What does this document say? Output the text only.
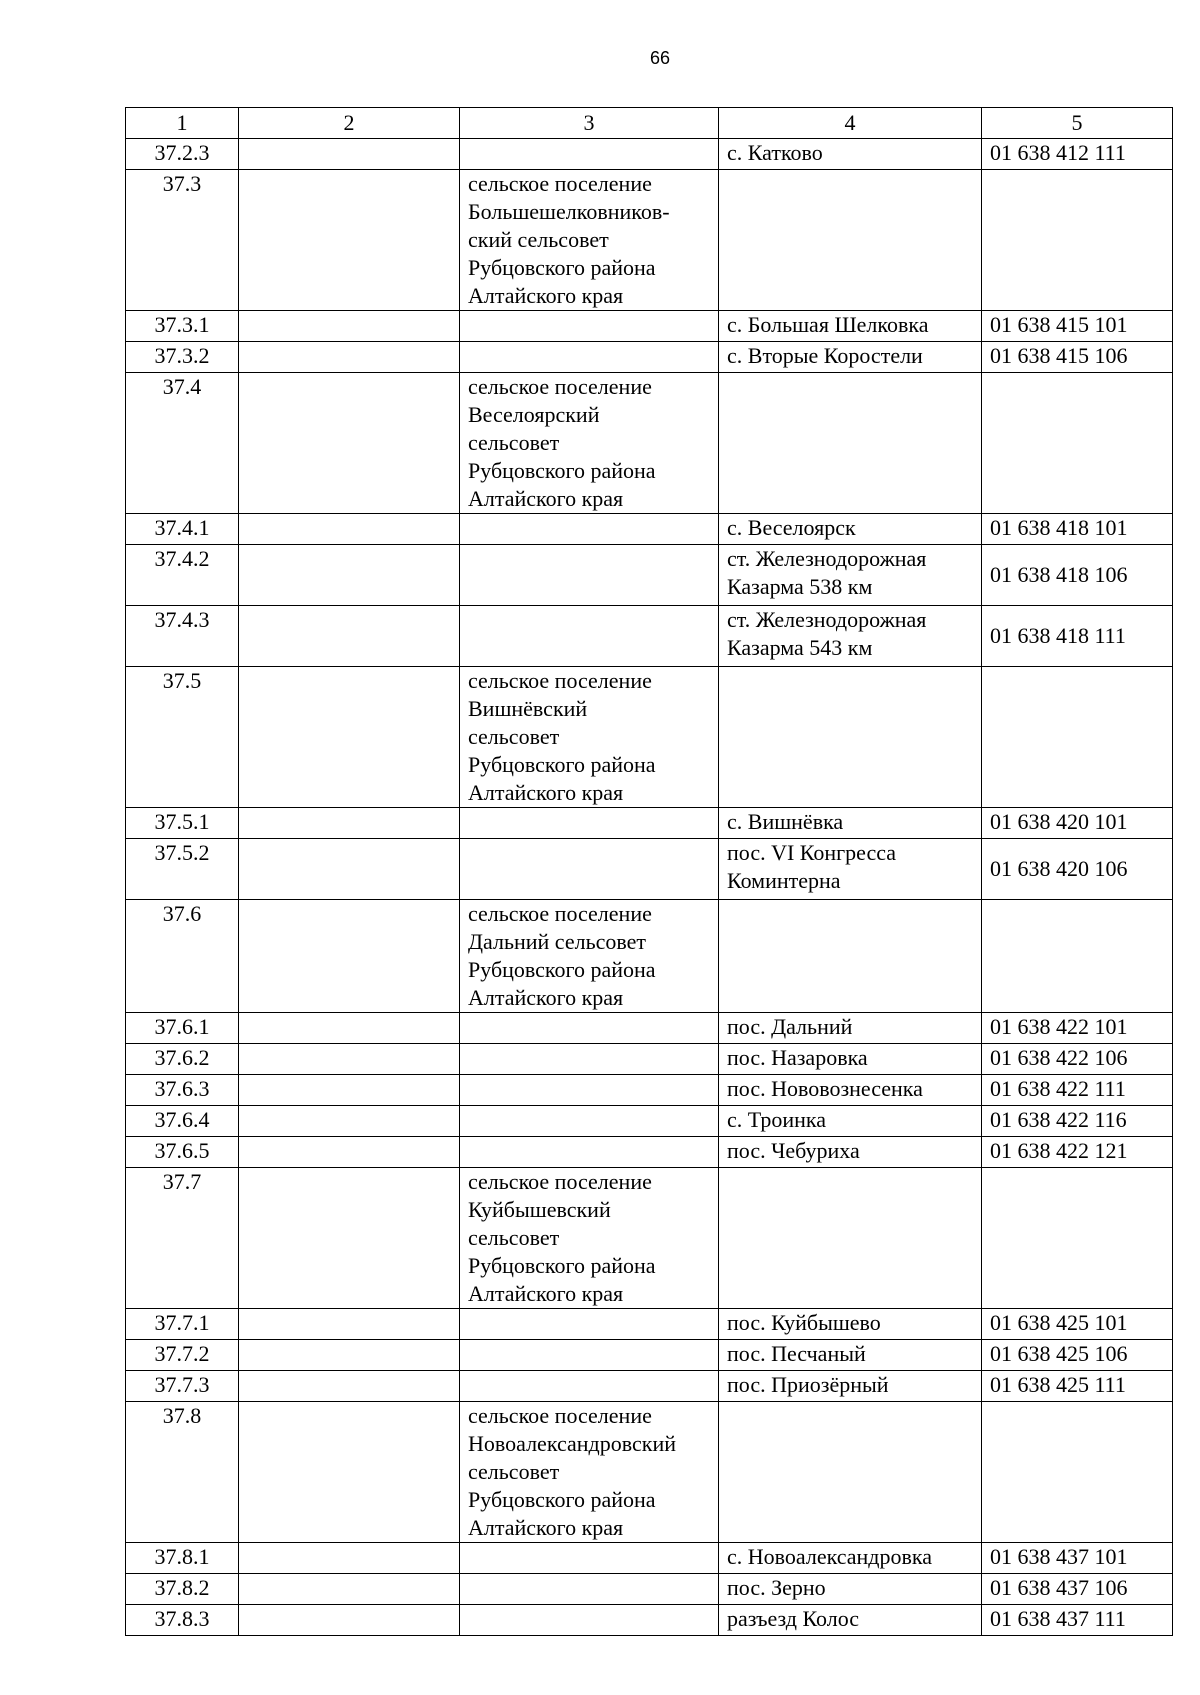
66
1	2	3	4	5
37.2.3			с. Катково	01 638 412 111
37.3		сельское поселение
Большешелковников-
ский сельсовет
Рубцовского района
Алтайского края		
37.3.1			с. Большая Шелковка	01 638 415 101
37.3.2			с. Вторые Коростели	01 638 415 106
37.4		сельское поселение
Веселоярский
сельсовет
Рубцовского района
Алтайского края		
37.4.1			с. Веселоярск	01 638 418 101
37.4.2			ст. Железнодорожная
Казарма 538 км	01 638 418 106
37.4.3			ст. Железнодорожная
Казарма 543 км	01 638 418 111
37.5		сельское поселение
Вишнёвский
сельсовет
Рубцовского района
Алтайского края		
37.5.1			с. Вишнёвка	01 638 420 101
37.5.2			пос. VI Конгресса
Коминтерна	01 638 420 106
37.6		сельское поселение
Дальний сельсовет
Рубцовского района
Алтайского края		
37.6.1			пос. Дальний	01 638 422 101
37.6.2			пос. Назаровка	01 638 422 106
37.6.3			пос. Нововознесенка	01 638 422 111
37.6.4			с. Троинка	01 638 422 116
37.6.5			пос. Чебуриха	01 638 422 121
37.7		сельское поселение
Куйбышевский
сельсовет
Рубцовского района
Алтайского края		
37.7.1			пос. Куйбышево	01 638 425 101
37.7.2			пос. Песчаный	01 638 425 106
37.7.3			пос. Приозёрный	01 638 425 111
37.8		сельское поселение
Новоалександровский
сельсовет
Рубцовского района
Алтайского края		
37.8.1			с. Новоалександровка	01 638 437 101
37.8.2			пос. Зерно	01 638 437 106
37.8.3			разъезд Колос	01 638 437 111
